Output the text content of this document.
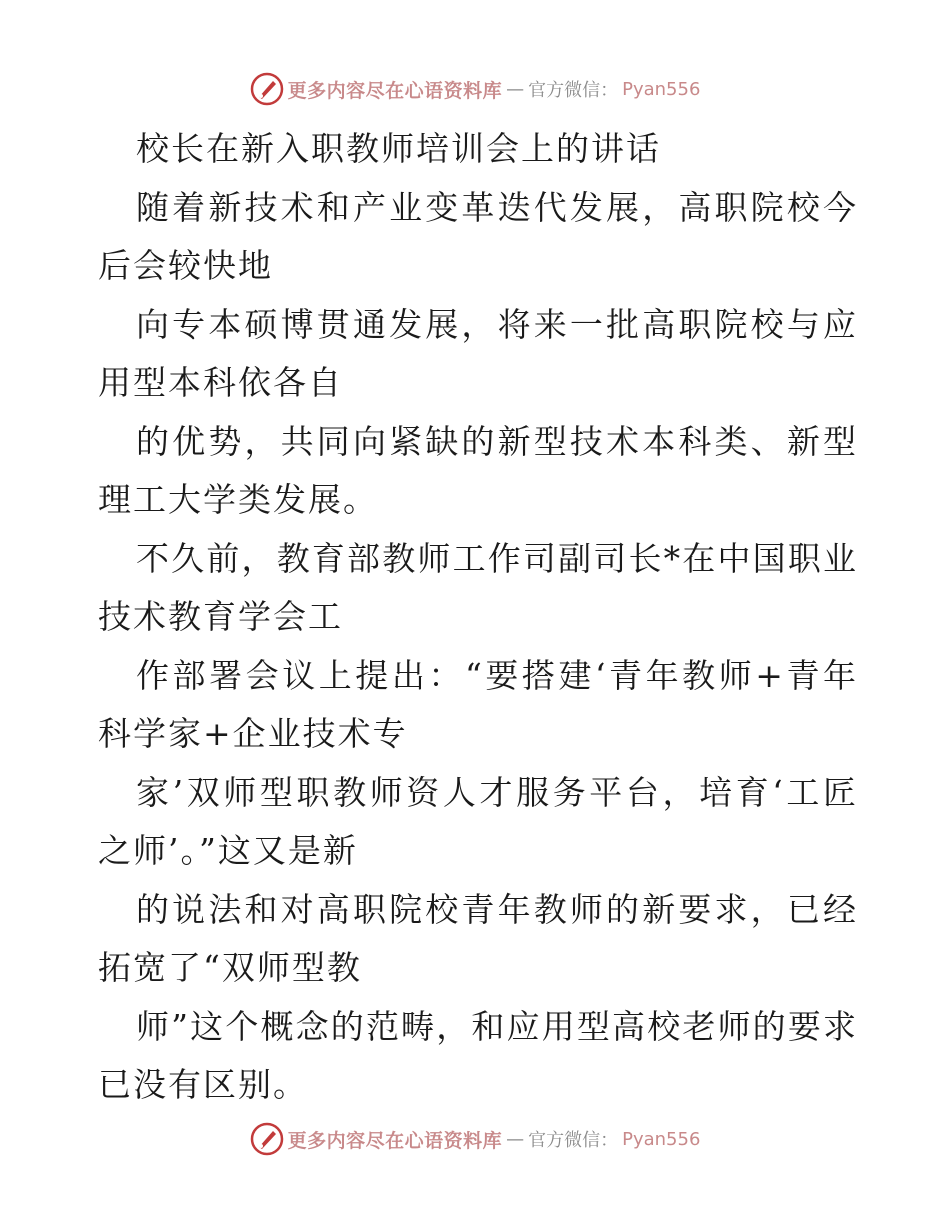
更多内容尽在心语资料库 — 官方微信： Pyan556

校长在新入职教师培训会上的讲话

随着新技术和产业变革迭代发展，高职院校今后会较快地

向专本硕博贯通发展，将来一批高职院校与应用型本科依各自

的优势，共同向紧缺的新型技术本科类、新型理工大学类发展。

不久前，教育部教师工作司副司长*在中国职业技术教育学会工

作部署会议上提出：“要搭建‘青年教师+青年科学家+企业技术专

家’双师型职教师资人才服务平台，培育‘工匠之师’。”这又是新

的说法和对高职院校青年教师的新要求，已经拓宽了“双师型教

师”这个概念的范畴，和应用型高校老师的要求已没有区别。

更多内容尽在心语资料库 — 官方微信： Pyan556
